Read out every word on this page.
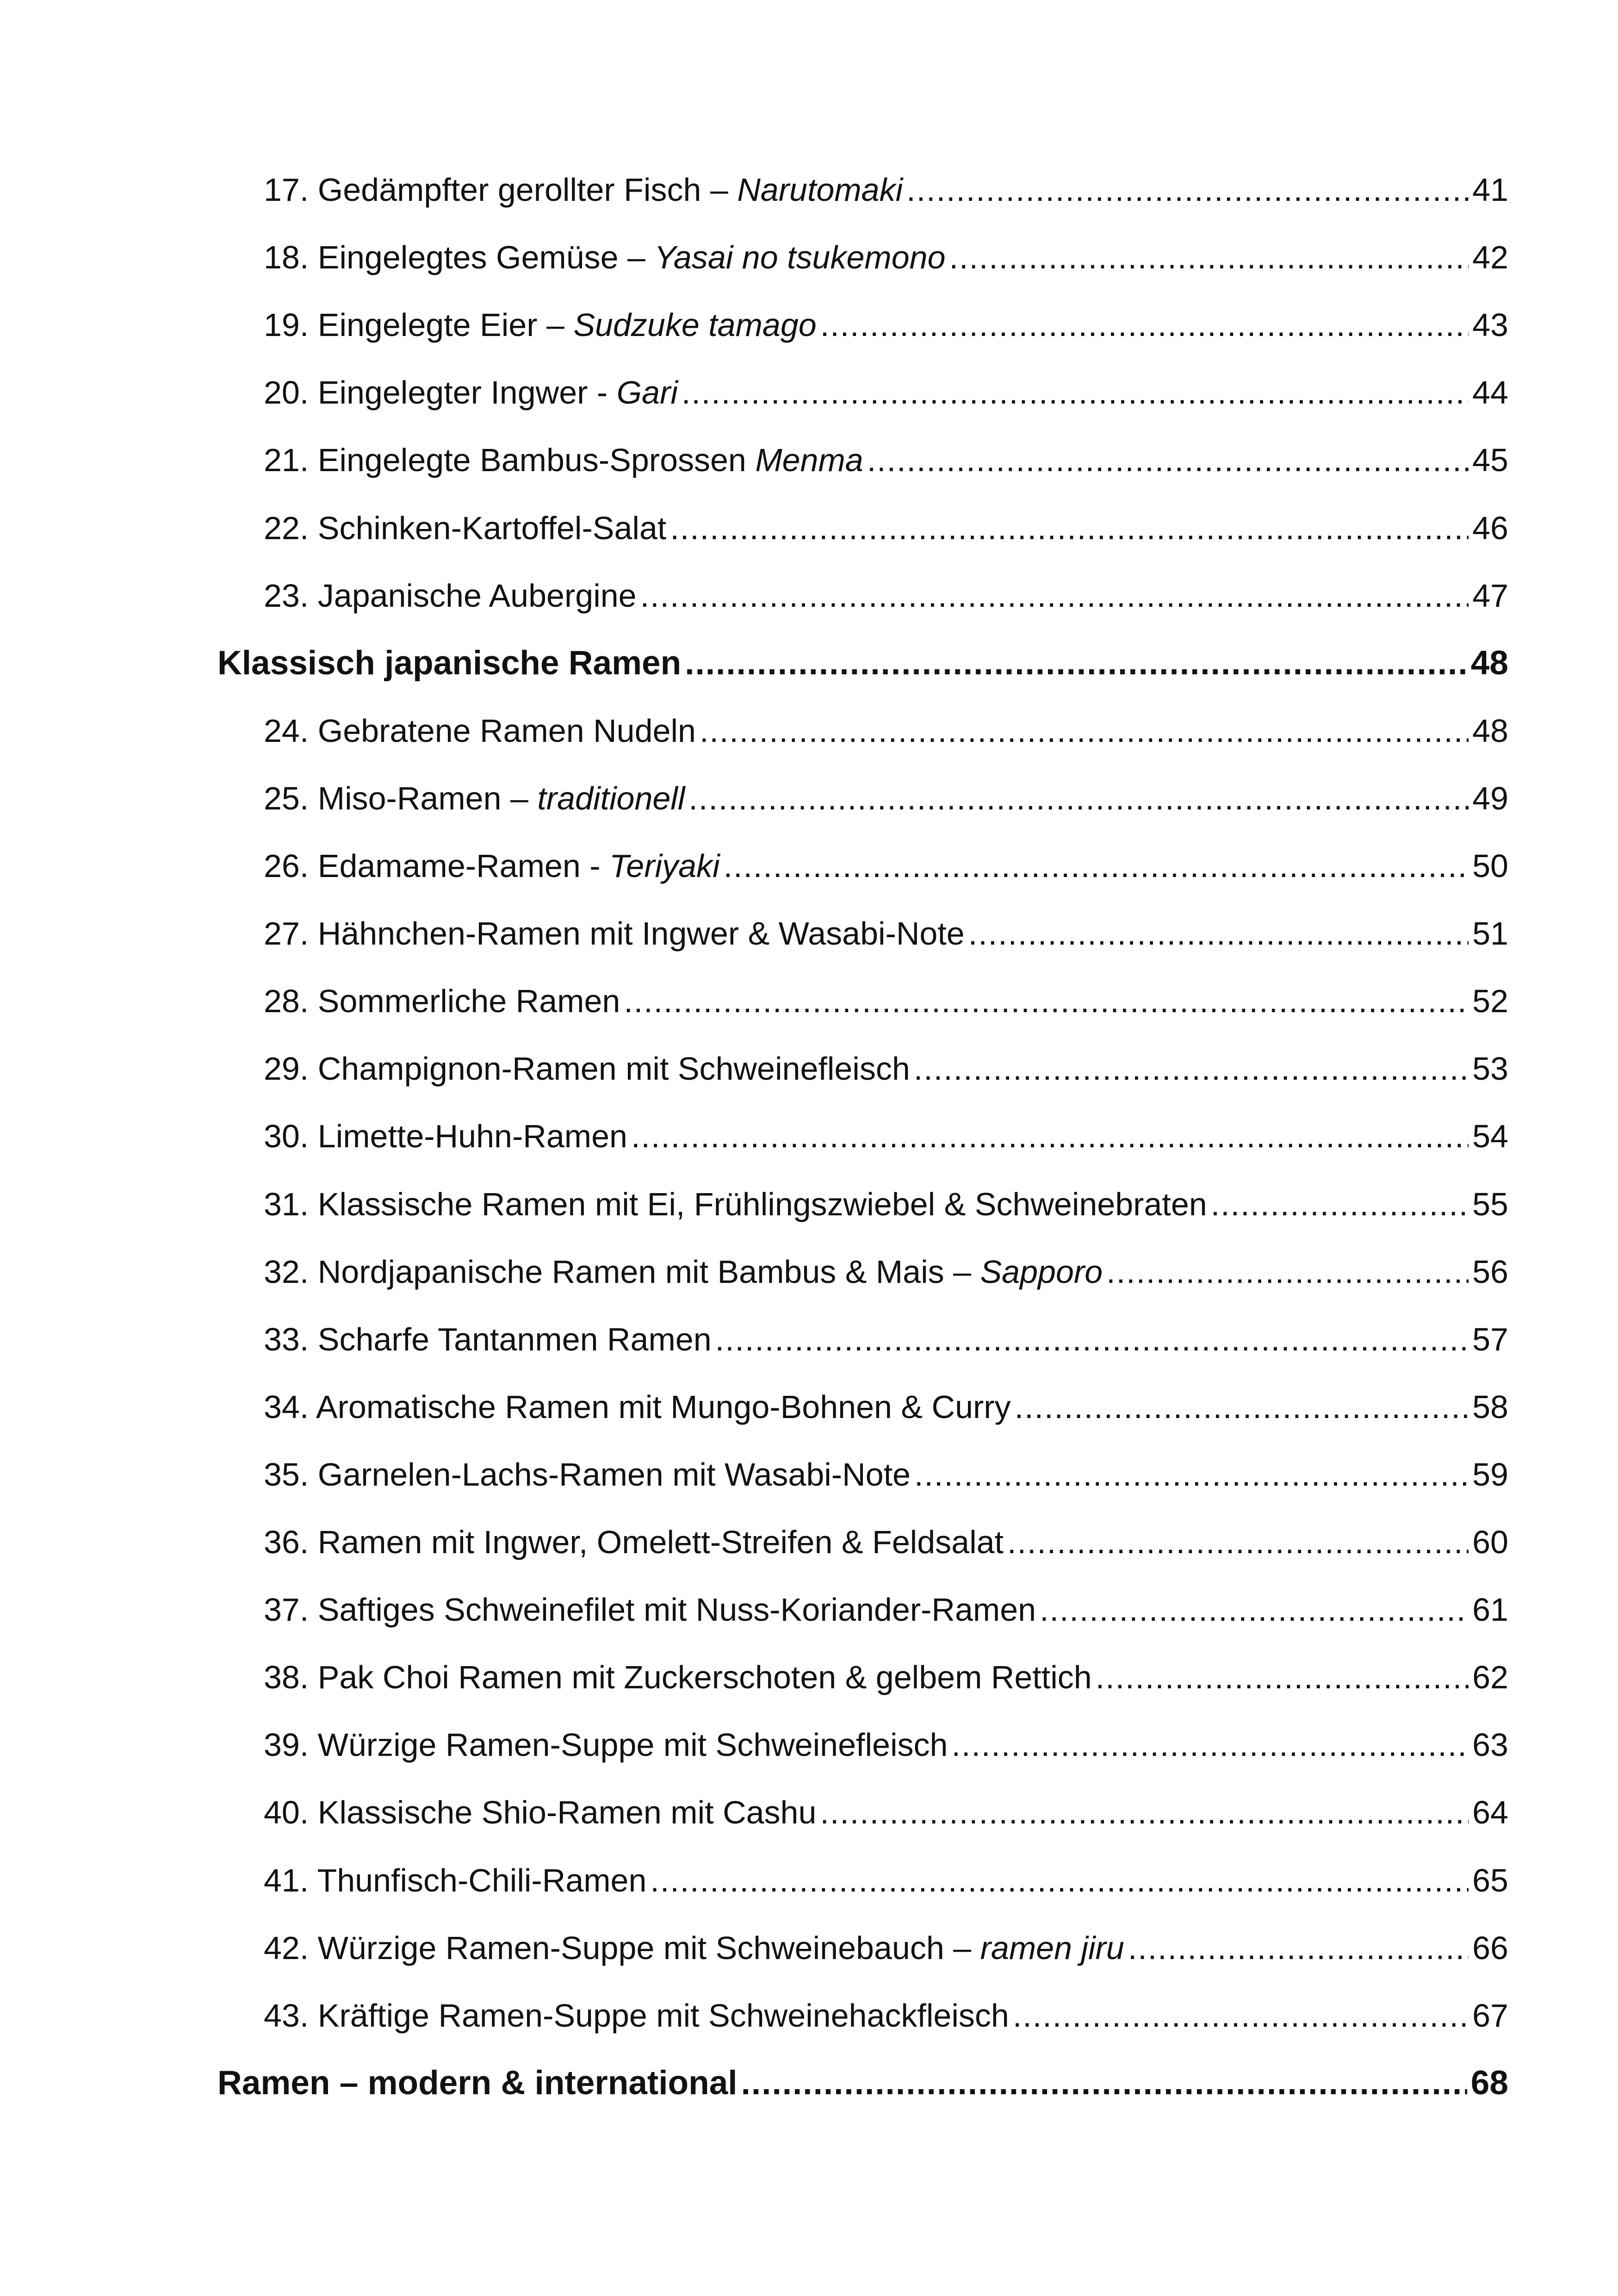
17. Gedämpfter gerollter Fisch – Narutomaki .....	41
18. Eingelegtes Gemüse – Yasai no tsukemono .....	42
19. Eingelegte Eier – Sudzuke tamago .....	43
20. Eingelegter Ingwer - Gari .....	44
21. Eingelegte Bambus-Sprossen Menma .....	45
22. Schinken-Kartoffel-Salat .....	46
23. Japanische Aubergine .....	47
Klassisch japanische Ramen .....	48
24. Gebratene Ramen Nudeln .....	48
25. Miso-Ramen – traditionell .....	49
26. Edamame-Ramen - Teriyaki .....	50
27. Hähnchen-Ramen mit Ingwer & Wasabi-Note .....	51
28. Sommerliche Ramen .....	52
29. Champignon-Ramen mit Schweinefleisch .....	53
30. Limette-Huhn-Ramen .....	54
31. Klassische Ramen mit Ei, Frühlingszwiebel & Schweinebraten .....	55
32. Nordjapanische Ramen mit Bambus & Mais – Sapporo .....	56
33. Scharfe Tantanmen Ramen .....	57
34. Aromatische Ramen mit Mungo-Bohnen & Curry .....	58
35. Garnelen-Lachs-Ramen mit Wasabi-Note .....	59
36. Ramen mit Ingwer, Omelett-Streifen & Feldsalat .....	60
37. Saftiges Schweinefilet mit Nuss-Koriander-Ramen .....	61
38. Pak Choi Ramen mit Zuckerschoten & gelbem Rettich .....	62
39. Würzige Ramen-Suppe mit Schweinefleisch .....	63
40. Klassische Shio-Ramen mit Cashu .....	64
41. Thunfisch-Chili-Ramen .....	65
42. Würzige Ramen-Suppe mit Schweinebauch – ramen jiru .....	66
43. Kräftige Ramen-Suppe mit Schweinehackfleisch .....	67
Ramen – modern & international .....	68
